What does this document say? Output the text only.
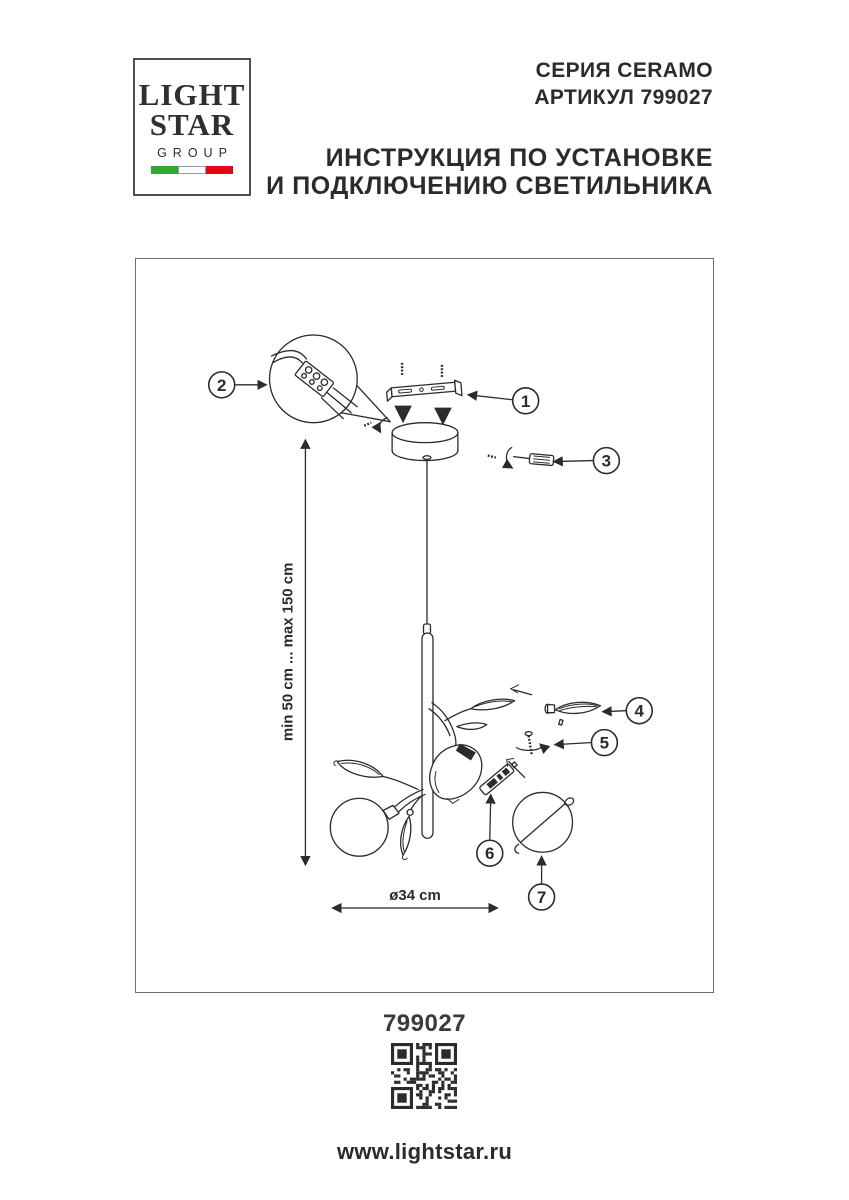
LIGHT
STAR
GROUP
СЕРИЯ CERAMO
АРТИКУЛ 799027
ИНСТРУКЦИЯ ПО УСТАНОВКЕ
И ПОДКЛЮЧЕНИЮ СВЕТИЛЬНИКА
min 50 cm ... max 150 cm
ø34 cm
1
2
3
4
5
6
7
799027
www.lightstar.ru
